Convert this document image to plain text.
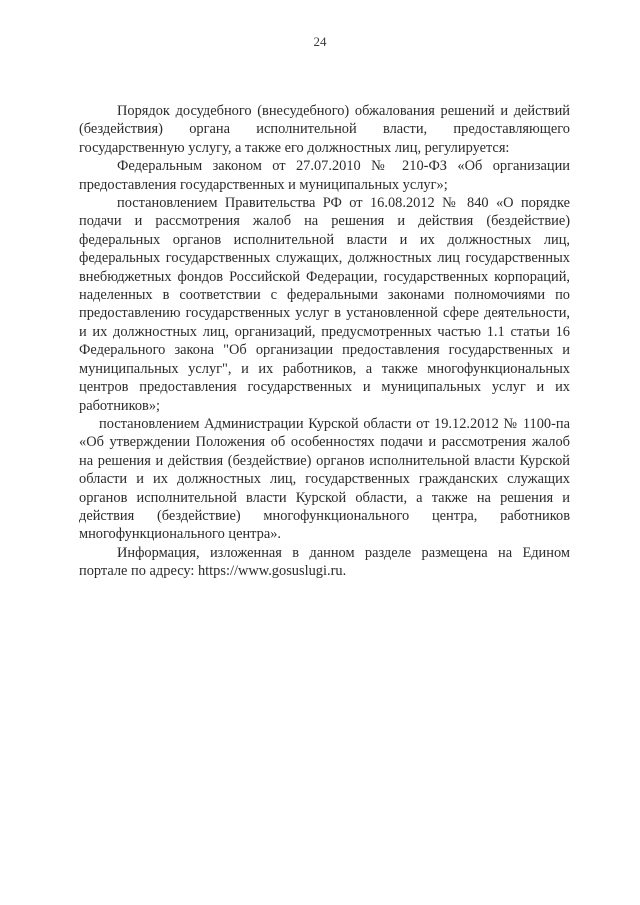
24

Порядок досудебного (внесудебного) обжалования решений и действий (бездействия) органа исполнительной власти, предоставляющего государственную услугу, а также его должностных лиц, регулируется:

Федеральным законом от 27.07.2010 № 210-ФЗ «Об организации предоставления государственных и муниципальных услуг»;

постановлением Правительства РФ от 16.08.2012 № 840 «О порядке подачи и рассмотрения жалоб на решения и действия (бездействие) федеральных органов исполнительной власти и их должностных лиц, федеральных государственных служащих, должностных лиц государственных внебюджетных фондов Российской Федерации, государственных корпораций, наделенных в соответствии с федеральными законами полномочиями по предоставлению государственных услуг в установленной сфере деятельности, и их должностных лиц, организаций, предусмотренных частью 1.1 статьи 16 Федерального закона "Об организации предоставления государственных и муниципальных услуг", и их работников, а также многофункциональных центров предоставления государственных и муниципальных услуг и их работников»;

постановлением Администрации Курской области от 19.12.2012 № 1100-па «Об утверждении Положения об особенностях подачи и рассмотрения жалоб на решения и действия (бездействие) органов исполнительной власти Курской области и их должностных лиц, государственных гражданских служащих органов исполнительной власти Курской области, а также на решения и действия (бездействие) многофункционального центра, работников многофункционального центра».

Информация, изложенная в данном разделе размещена на Едином портале по адресу: https://www.gosuslugi.ru.
